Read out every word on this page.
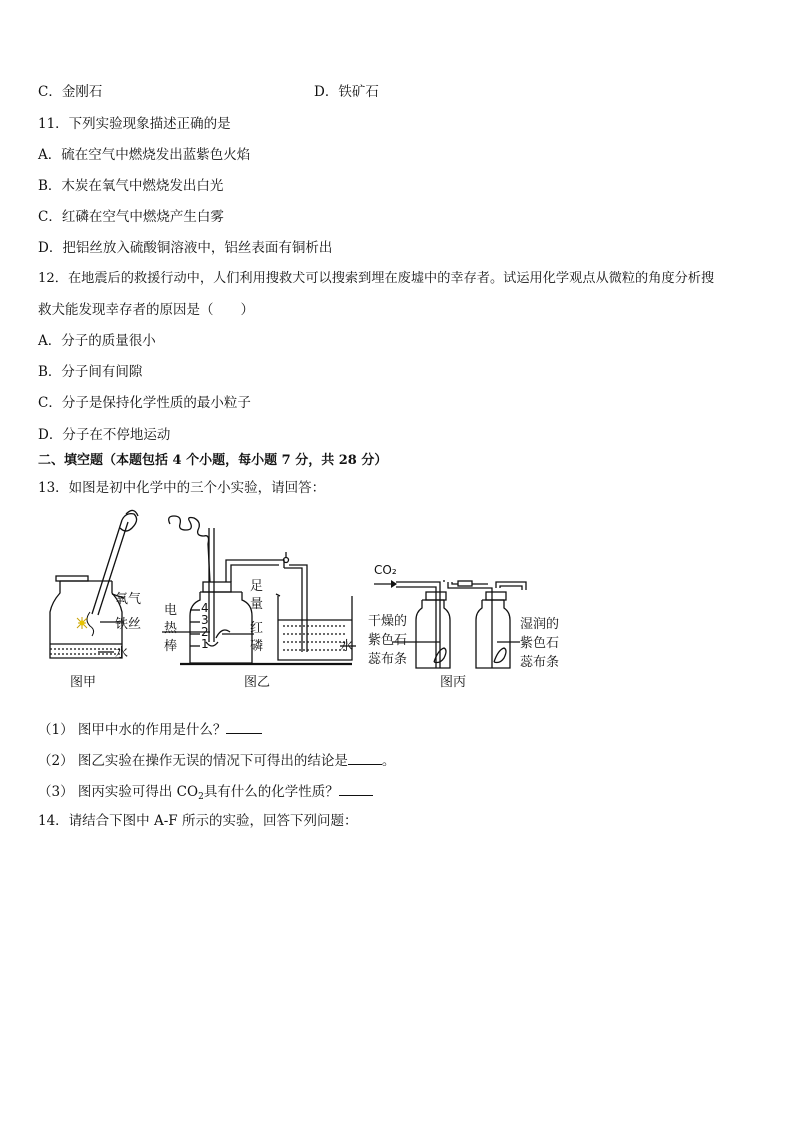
C．金刚石	D．铁矿石
11．下列实验现象描述正确的是
A．硫在空气中燃烧发出蓝紫色火焰
B．木炭在氧气中燃烧发出白光
C．红磷在空气中燃烧产生白雾
D．把铝丝放入硫酸铜溶液中，铝丝表面有铜析出
12．在地震后的救援行动中，人们利用搜救犬可以搜索到埋在废墟中的幸存者。试运用化学观点从微粒的角度分析搜
救犬能发现幸存者的原因是（　　）
A．分子的质量很小
B．分子间有间隙
C．分子是保持化学性质的最小粒子
D．分子在不停地运动
二、填空题（本题包括 4 个小题，每小题 7 分，共 28 分）
13．如图是初中化学中的三个小实验，请回答：
氧气
铁丝
水
图甲
电
热
棒
4
3
2
1
足
量
红
磷	水
图乙
CO₂
干燥的
紫色石
蕊布条
湿润的
紫色石
蕊布条
图丙
（1） 图甲中水的作用是什么？
（2） 图乙实验在操作无误的情况下可得出的结论是	。
（3） 图丙实验可得出 $CO_2$具有什么的化学性质？
14．请结合下图中 A-F 所示的实验，回答下列问题：
